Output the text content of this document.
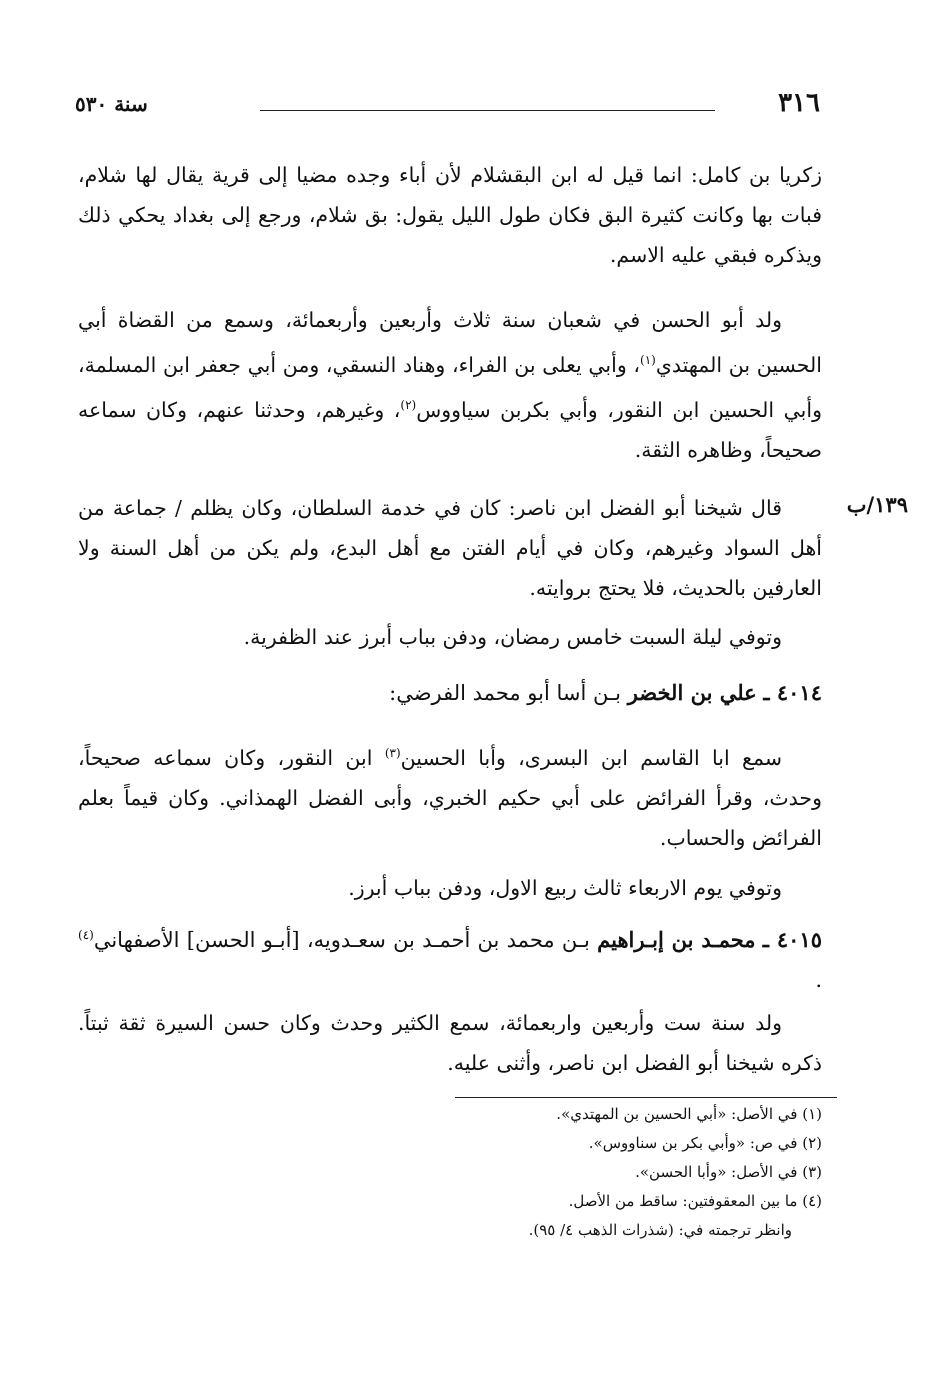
٣١٦
سنة ٥٣٠
١٣٩/ب

زكريا بن كامل: انما قيل له ابن البقشلام لأن أباء وجده مضيا إلى قرية يقال لها شلام، فبات بها وكانت كثيرة البق فكان طول الليل يقول: بق شلام، ورجع إلى بغداد يحكي ذلك ويذكره فبقي عليه الاسم.

ولد أبو الحسن في شعبان سنة ثلاث وأربعين وأربعمائة، وسمع من القضاة أبي الحسين بن المهتدي$^{(١)}$، وأبي يعلى بن الفراء، وهناد النسقي، ومن أبي جعفر ابن المسلمة، وأبي الحسين ابن النقور، وأبي بكربن سياووس$^{(٢)}$، وغيرهم، وحدثنا عنهم، وكان سماعه صحيحاً، وظاهره الثقة.

قال شيخنا أبو الفضل ابن ناصر: كان في خدمة السلطان، وكان يظلم / جماعة من أهل السواد وغيرهم، وكان في أيام الفتن مع أهل البدع، ولم يكن من أهل السنة ولا العارفين بالحديث، فلا يحتج بروايته.

وتوفي ليلة السبت خامس رمضان، ودفن بباب أبرز عند الظفرية.

٤٠١٤ ـ علي بن الخضر بـن أسا أبو محمد الفرضي:

سمع ابا القاسم ابن البسرى، وأبا الحسين$^{(٣)}$ ابن النقور، وكان سماعه صحيحاً، وحدث، وقرأ الفرائض على أبي حكيم الخبري، وأبى الفضل الهمذاني. وكان قيماً بعلم الفرائض والحساب.

وتوفي يوم الاربعاء ثالث ربيع الاول، ودفن بباب أبرز.

٤٠١٥ ـ محمـد بن إبـراهيم بـن محمد بن أحمـد بن سعـدويه، [أبـو الحسن] الأصفهاني$^{(٤)}$ .

ولد سنة ست وأربعين واربعمائة، سمع الكثير وحدث وكان حسن السيرة ثقة ثبتاً. ذكره شيخنا أبو الفضل ابن ناصر، وأثنى عليه.

(١) في الأصل: «أبي الحسين بن المهتدي».

(٢) في ص: «وأبي بكر بن سناووس».

(٣) في الأصل: «وأبا الحسن».

(٤) ما بين المعقوفتين: ساقط من الأصل.

وانظر ترجمته في: (شذرات الذهب ٤/ ٩٥).
